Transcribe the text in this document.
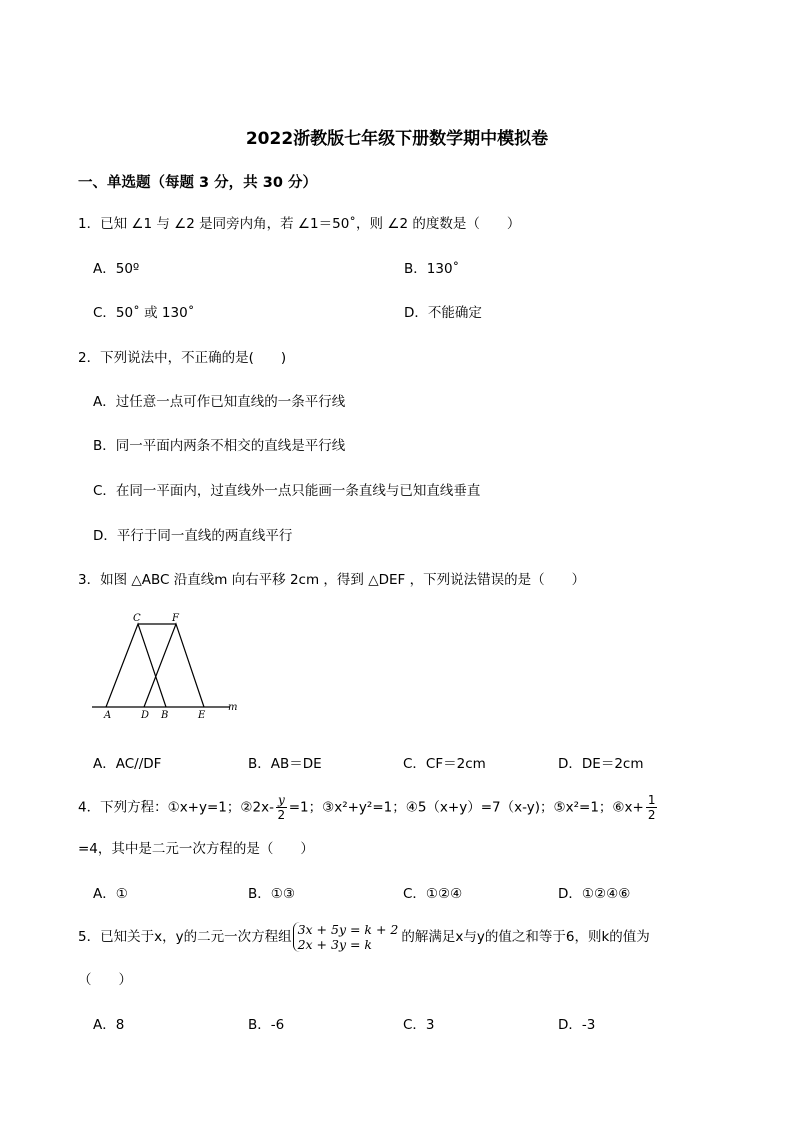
2022浙教版七年级下册数学期中模拟卷
一、单选题（每题 3 分，共 30 分）
1．已知 ∠1 与 ∠2 是同旁内角，若 ∠1＝50˚，则 ∠2 的度数是（　　）
A．50º	B．130˚
C．50˚ 或 130˚	D．不能确定
2．下列说法中，不正确的是(　　)
A．过任意一点可作已知直线的一条平行线
B．同一平面内两条不相交的直线是平行线
C．在同一平面内，过直线外一点只能画一条直线与已知直线垂直
D．平行于同一直线的两直线平行
3．如图 △ABC 沿直线m 向右平移 2cm ，得到 △DEF ，下列说法错误的是（　　）
C	F
A	D B	E
m
A．AC//DF	B．AB＝DE	C．CF＝2cm	D．DE＝2cm
4．下列方程：①x+y=1；②2x- $\frac{y}{2} =1$；③x²+y²=1；④5（x+y）=7（x-y)；⑤x²=1；⑥x+ $\frac{1}{2}$
=4，其中是二元一次方程的是（　　）
A．①	B．①③	C．①②④	D．①②④⑥
5．已知关于x，y的二元一次方程组 3x + 5y = k + 2
2x + 3y = k	的解满足x与y的值之和等于6，则k的值为
（　　）
A．8	B．-6	C．3	D．-3
